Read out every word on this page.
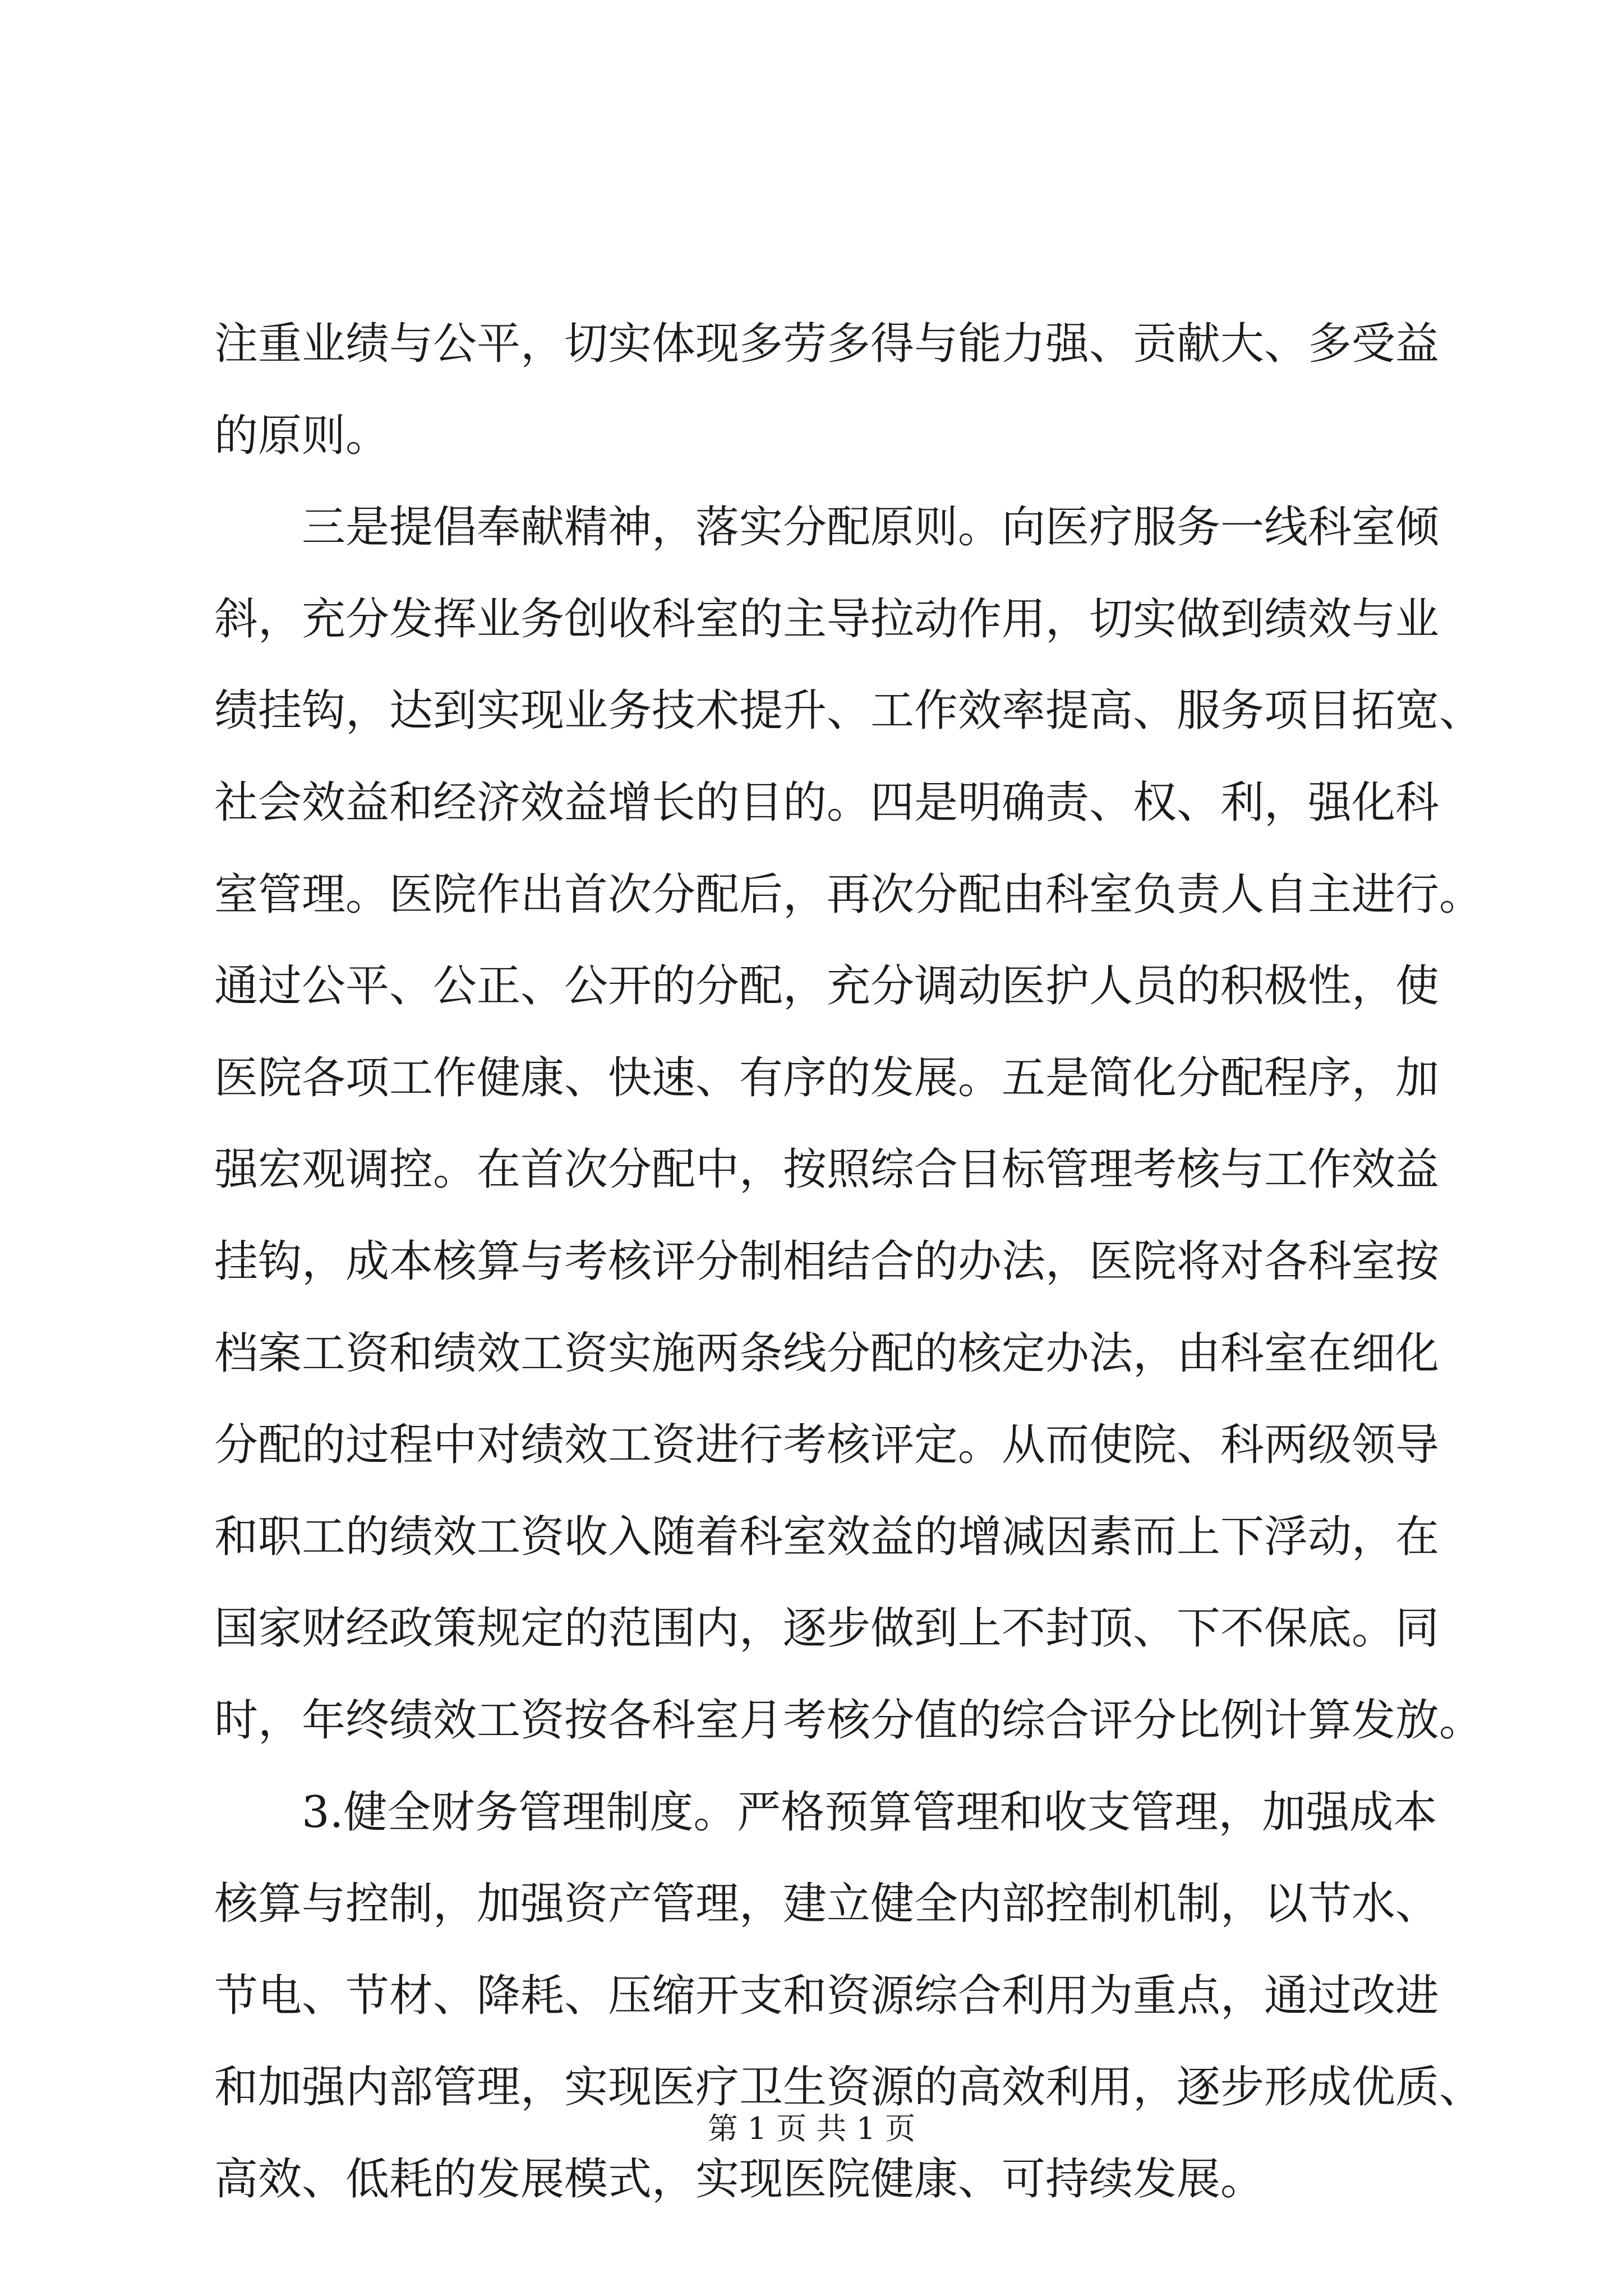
注重业绩与公平，切实体现多劳多得与能力强、贡献大、多受益
的原则。
　　三是提倡奉献精神，落实分配原则。向医疗服务一线科室倾
斜，充分发挥业务创收科室的主导拉动作用，切实做到绩效与业
绩挂钩，达到实现业务技术提升、工作效率提高、服务项目拓宽、
社会效益和经济效益增长的目的。四是明确责、权、利，强化科
室管理。医院作出首次分配后，再次分配由科室负责人自主进行。
通过公平、公正、公开的分配，充分调动医护人员的积极性，使
医院各项工作健康、快速、有序的发展。五是简化分配程序，加
强宏观调控。在首次分配中，按照综合目标管理考核与工作效益
挂钩，成本核算与考核评分制相结合的办法，医院将对各科室按
档案工资和绩效工资实施两条线分配的核定办法，由科室在细化
分配的过程中对绩效工资进行考核评定。从而使院、科两级领导
和职工的绩效工资收入随着科室效益的增减因素而上下浮动，在
国家财经政策规定的范围内，逐步做到上不封顶、下不保底。同
时，年终绩效工资按各科室月考核分值的综合评分比例计算发放。
　　3.健全财务管理制度。严格预算管理和收支管理，加强成本
核算与控制，加强资产管理，建立健全内部控制机制，以节水、
节电、节材、降耗、压缩开支和资源综合利用为重点，通过改进
和加强内部管理，实现医疗卫生资源的高效利用，逐步形成优质、
高效、低耗的发展模式，实现医院健康、可持续发展。
第 1 页 共 1 页
